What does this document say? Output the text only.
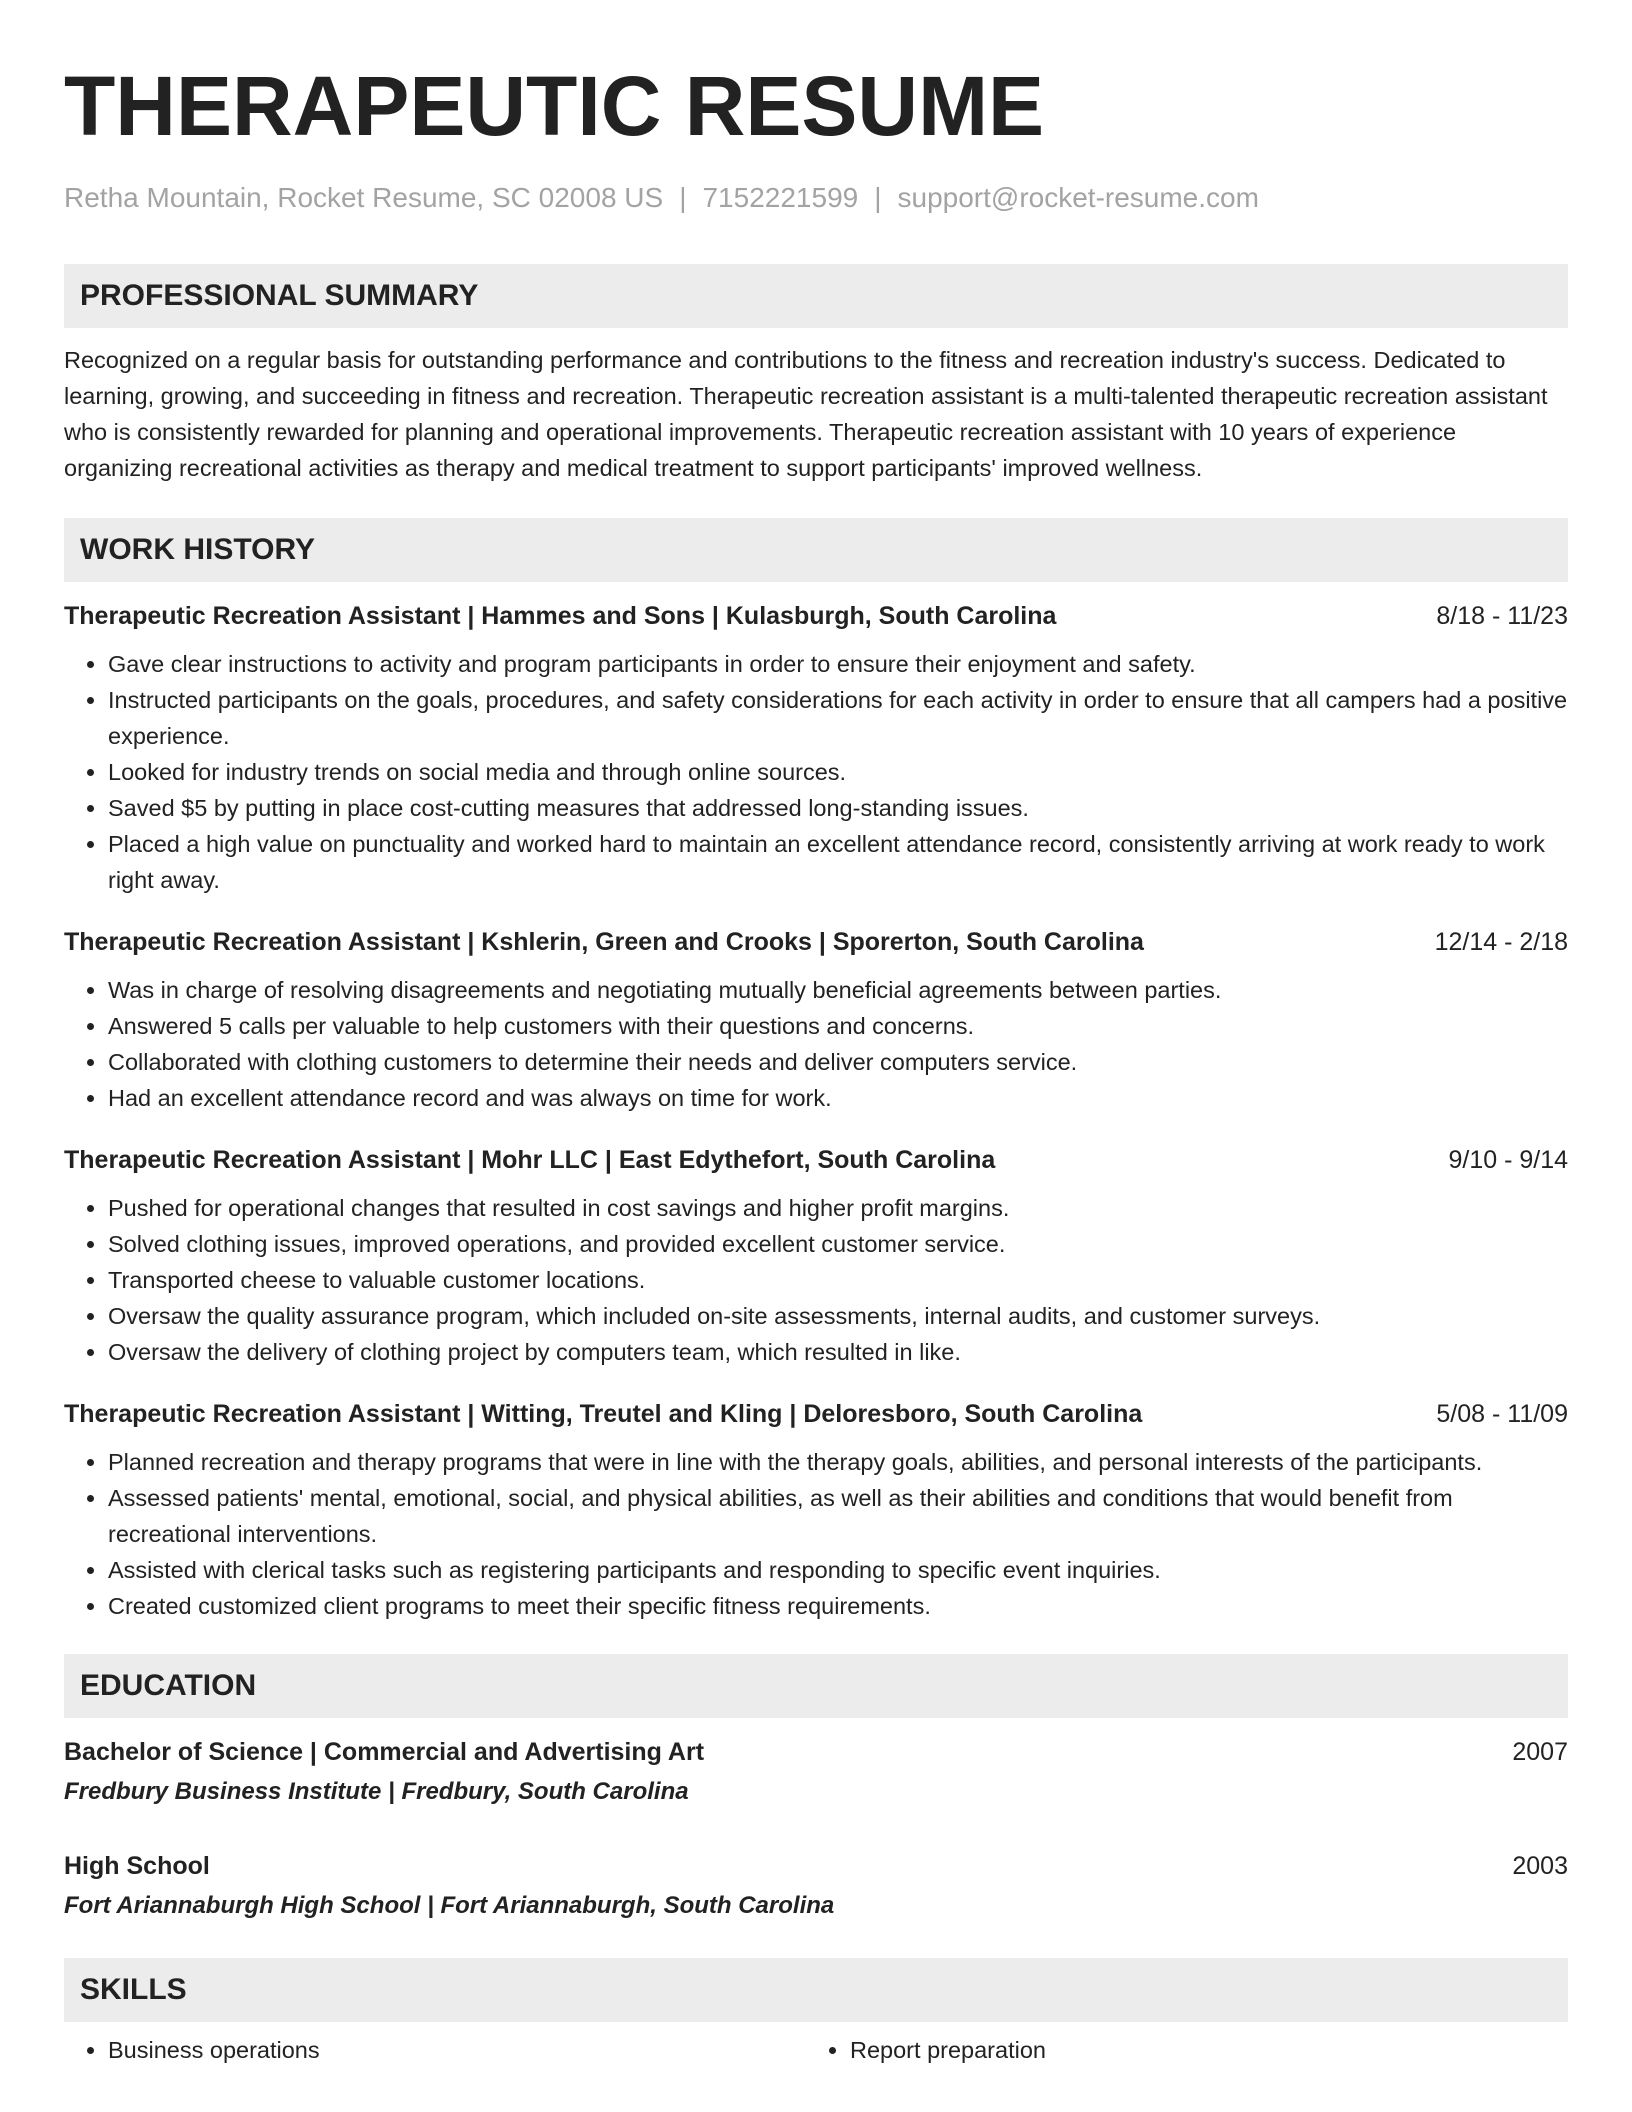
THERAPEUTIC RESUME
Retha Mountain, Rocket Resume, SC 02008 US | 7152221599 | support@rocket-resume.com
PROFESSIONAL SUMMARY
Recognized on a regular basis for outstanding performance and contributions to the fitness and recreation industry's success. Dedicated to learning, growing, and succeeding in fitness and recreation. Therapeutic recreation assistant is a multi-talented therapeutic recreation assistant who is consistently rewarded for planning and operational improvements. Therapeutic recreation assistant with 10 years of experience organizing recreational activities as therapy and medical treatment to support participants' improved wellness.
WORK HISTORY
Therapeutic Recreation Assistant | Hammes and Sons | Kulasburgh, South Carolina	8/18 - 11/23
• Gave clear instructions to activity and program participants in order to ensure their enjoyment and safety.
• Instructed participants on the goals, procedures, and safety considerations for each activity in order to ensure that all campers had a positive experience.
• Looked for industry trends on social media and through online sources.
• Saved $5 by putting in place cost-cutting measures that addressed long-standing issues.
• Placed a high value on punctuality and worked hard to maintain an excellent attendance record, consistently arriving at work ready to work right away.
Therapeutic Recreation Assistant | Kshlerin, Green and Crooks | Sporerton, South Carolina	12/14 - 2/18
• Was in charge of resolving disagreements and negotiating mutually beneficial agreements between parties.
• Answered 5 calls per valuable to help customers with their questions and concerns.
• Collaborated with clothing customers to determine their needs and deliver computers service.
• Had an excellent attendance record and was always on time for work.
Therapeutic Recreation Assistant | Mohr LLC | East Edythefort, South Carolina	9/10 - 9/14
• Pushed for operational changes that resulted in cost savings and higher profit margins.
• Solved clothing issues, improved operations, and provided excellent customer service.
• Transported cheese to valuable customer locations.
• Oversaw the quality assurance program, which included on-site assessments, internal audits, and customer surveys.
• Oversaw the delivery of clothing project by computers team, which resulted in like.
Therapeutic Recreation Assistant | Witting, Treutel and Kling | Deloresboro, South Carolina	5/08 - 11/09
• Planned recreation and therapy programs that were in line with the therapy goals, abilities, and personal interests of the participants.
• Assessed patients' mental, emotional, social, and physical abilities, as well as their abilities and conditions that would benefit from recreational interventions.
• Assisted with clerical tasks such as registering participants and responding to specific event inquiries.
• Created customized client programs to meet their specific fitness requirements.
EDUCATION
Bachelor of Science | Commercial and Advertising Art	2007
Fredbury Business Institute | Fredbury, South Carolina
High School	2003
Fort Ariannaburgh High School | Fort Ariannaburgh, South Carolina
SKILLS
• Business operations
•	Report preparation
